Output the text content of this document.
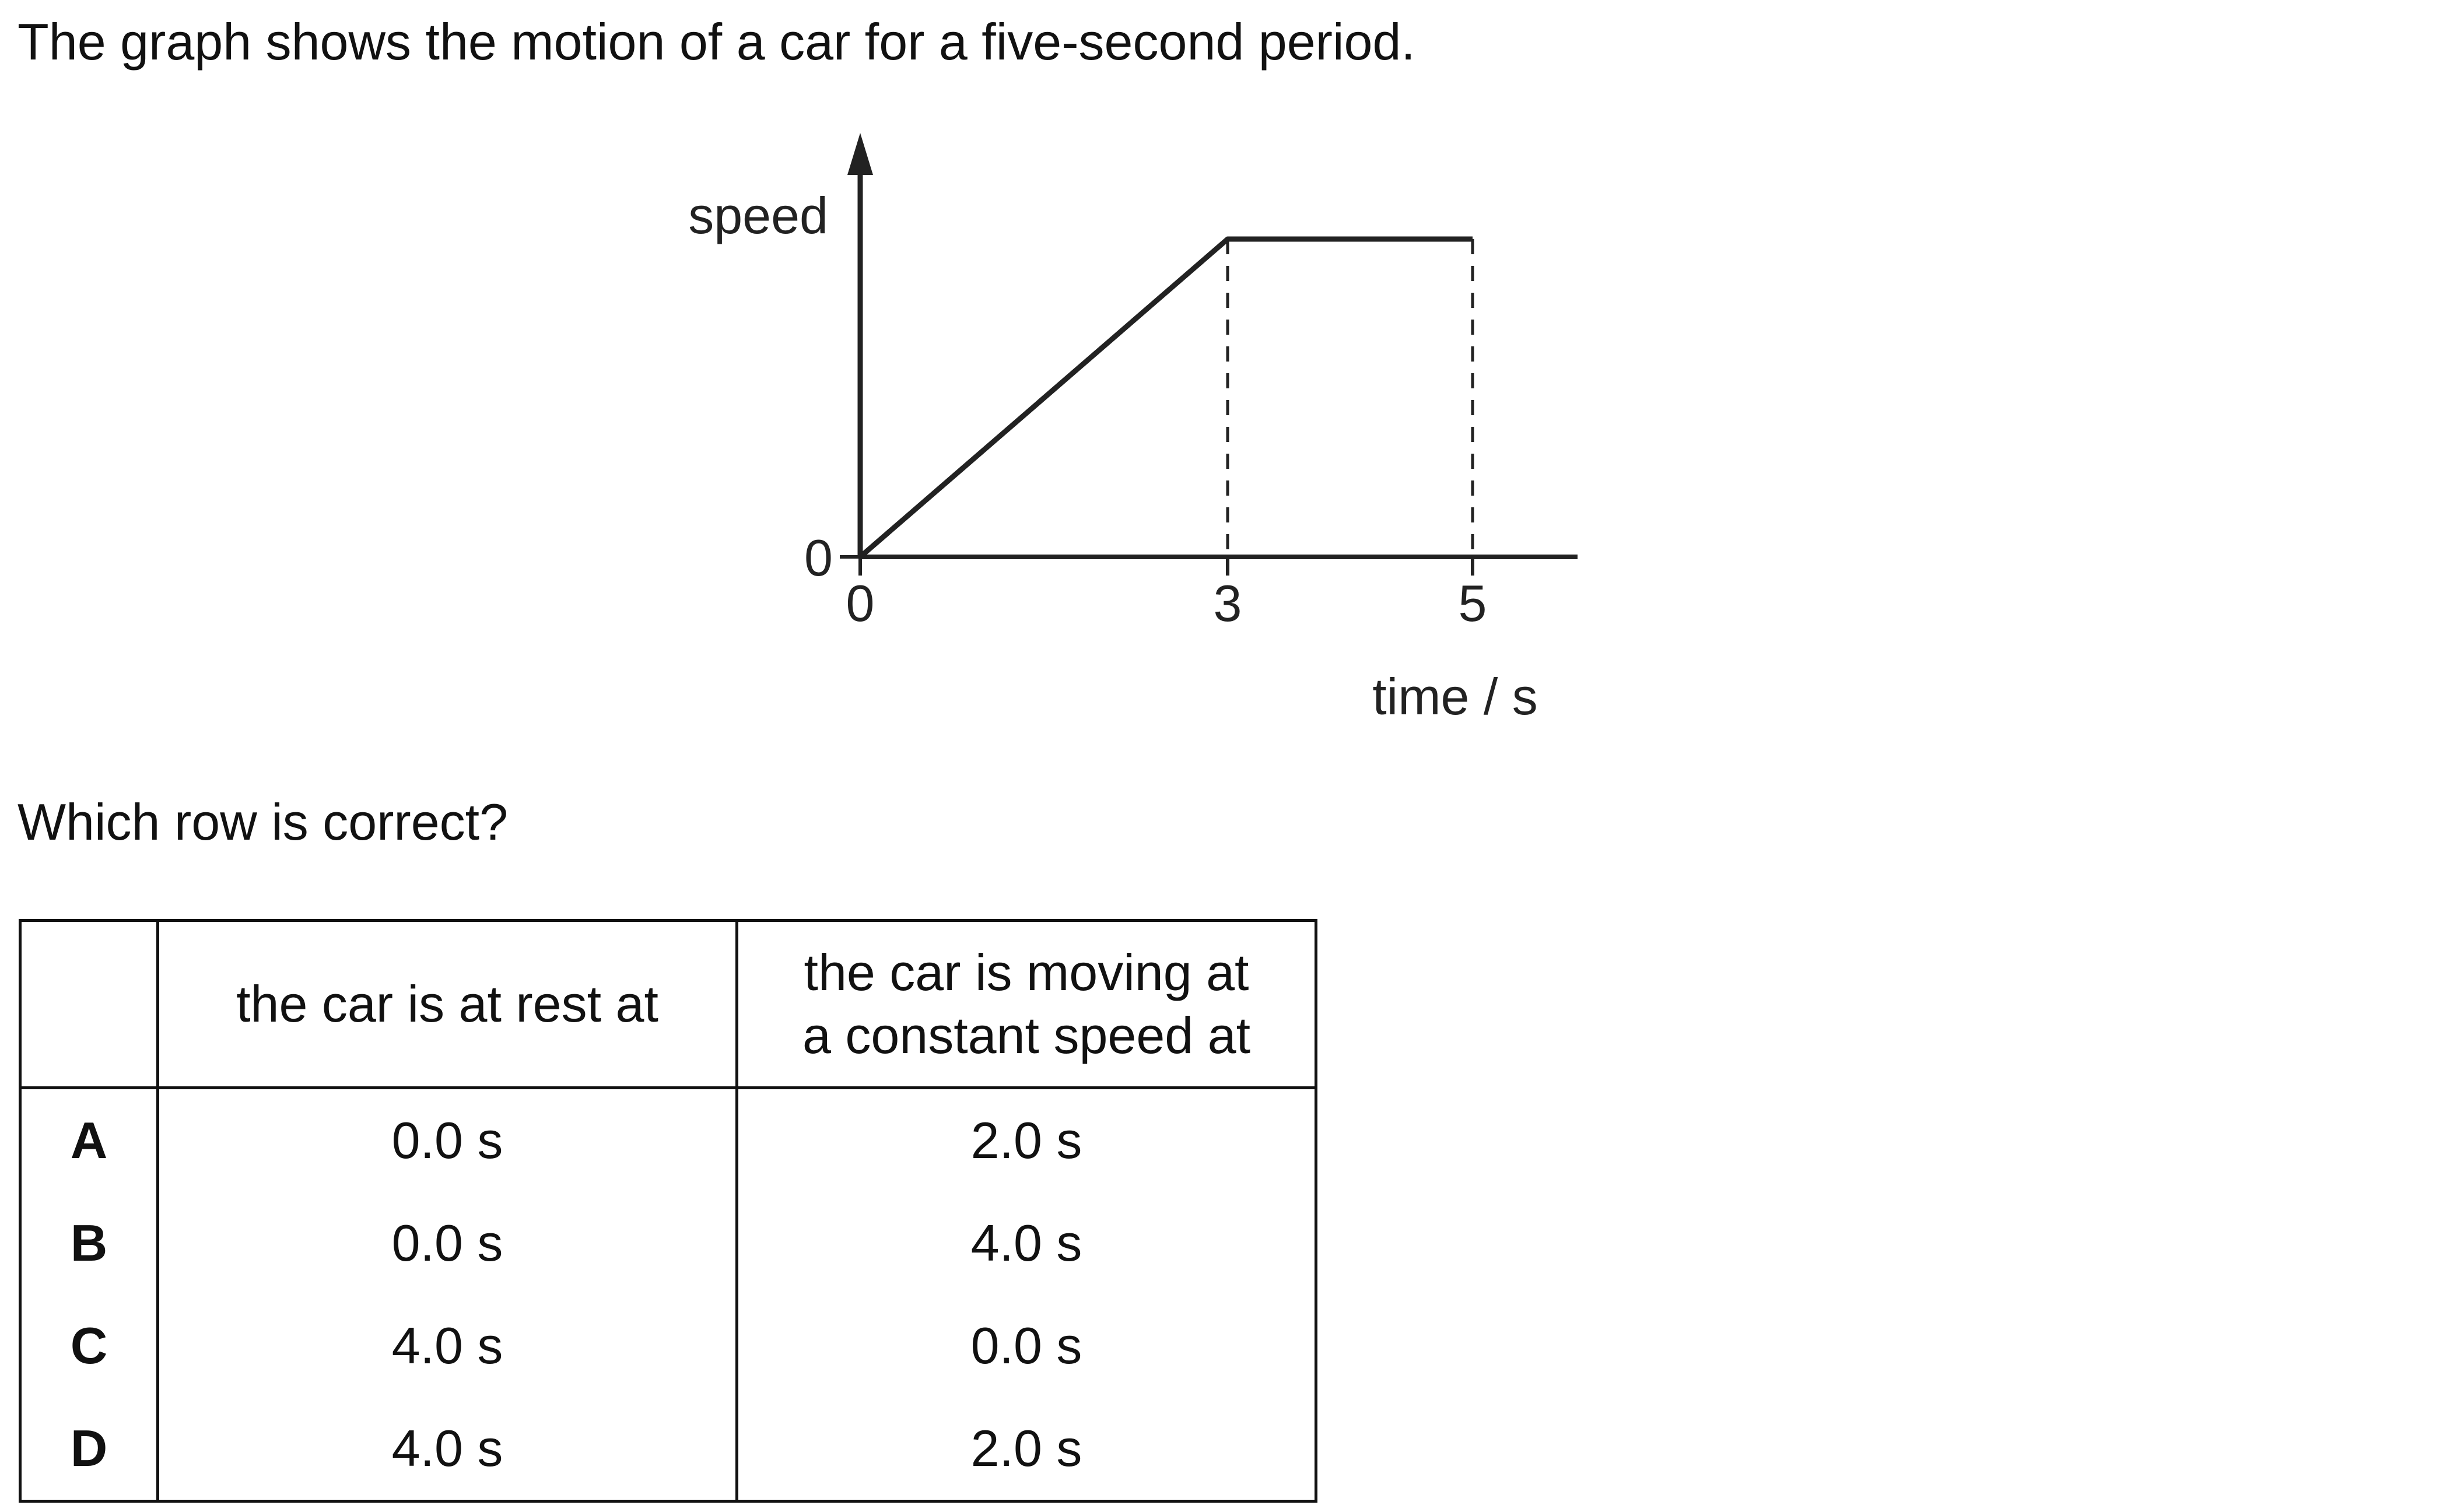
The graph shows the motion of a car for a five-second period.
speed
time / s
0	3	5
0
Which row is correct?
	the car is at rest at	the car is moving at
a constant speed at
A	0.0 s	2.0 s
B	0.0 s	4.0 s
C	4.0 s	0.0 s
D	4.0 s	2.0 s
